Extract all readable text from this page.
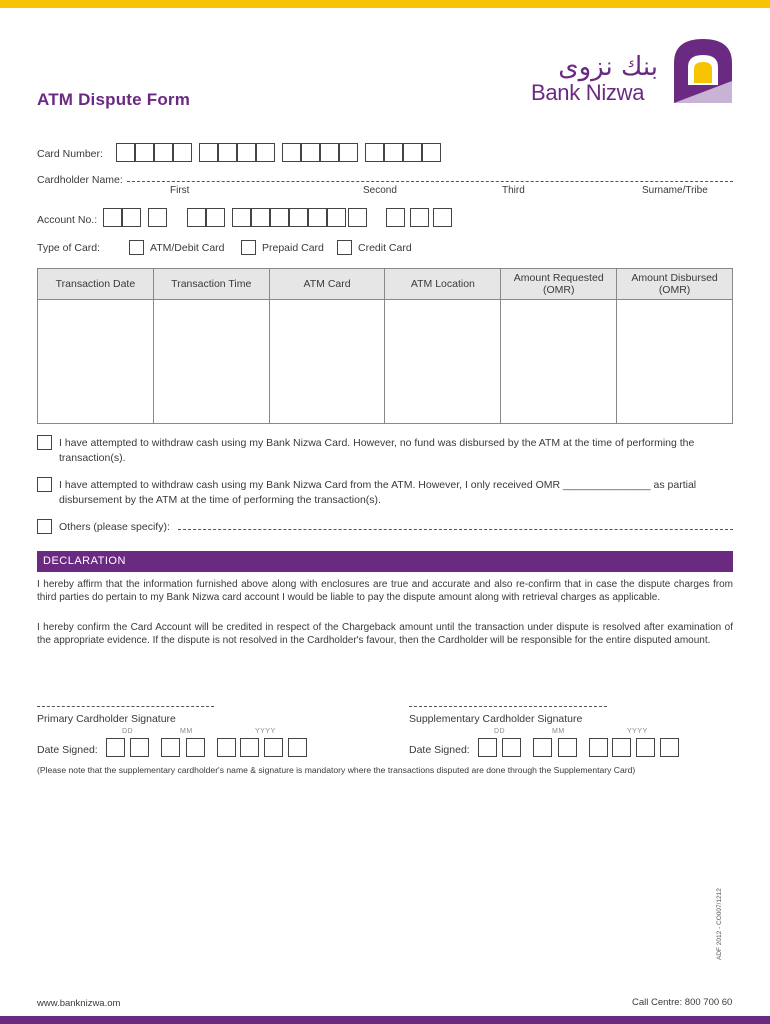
بنك نزوى
Bank Nizwa
ATM Dispute Form
Card Number:
Cardholder Name:
First	Second	Third	Surname/Tribe
Account No.:
Type of Card:	ATM/Debit Card	Prepaid Card	Credit Card
Transaction Date	Transaction Time	ATM Card	ATM Location	Amount Requested (OMR)	Amount Disbursed (OMR)

I have attempted to withdraw cash using my Bank Nizwa Card. However, no fund was disbursed by the ATM at the time of performing the transaction(s).
I have attempted to withdraw cash using my Bank Nizwa Card from the ATM. However, I only received OMR _______________ as partial
disbursement by the ATM at the time of performing the transaction(s).
Others (please specify):
DECLARATION
I hereby affirm that the information furnished above along with enclosures are true and accurate and also re-confirm that in case the dispute charges from third parties do pertain to my Bank Nizwa card account I would be liable to pay the dispute amount along with retrieval charges as applicable.
I hereby confirm the Card Account will be credited in respect of the Chargeback amount until the transaction under dispute is resolved after examination of the appropriate evidence. If the dispute is not resolved in the Cardholder's favour, then the Cardholder will be responsible for the entire disputed amount.
Primary Cardholder Signature	Supplementary Cardholder Signature
DD	MM	YYYY
Date Signed:
DD	MM	YYYY
Date Signed:
(Please note that the supplementary cardholder's name & signature is mandatory where the transactions disputed are done through the Supplementary Card)
ADF 2012 - CO007/1212
www.banknizwa.om	Call Centre: 800 700 60
